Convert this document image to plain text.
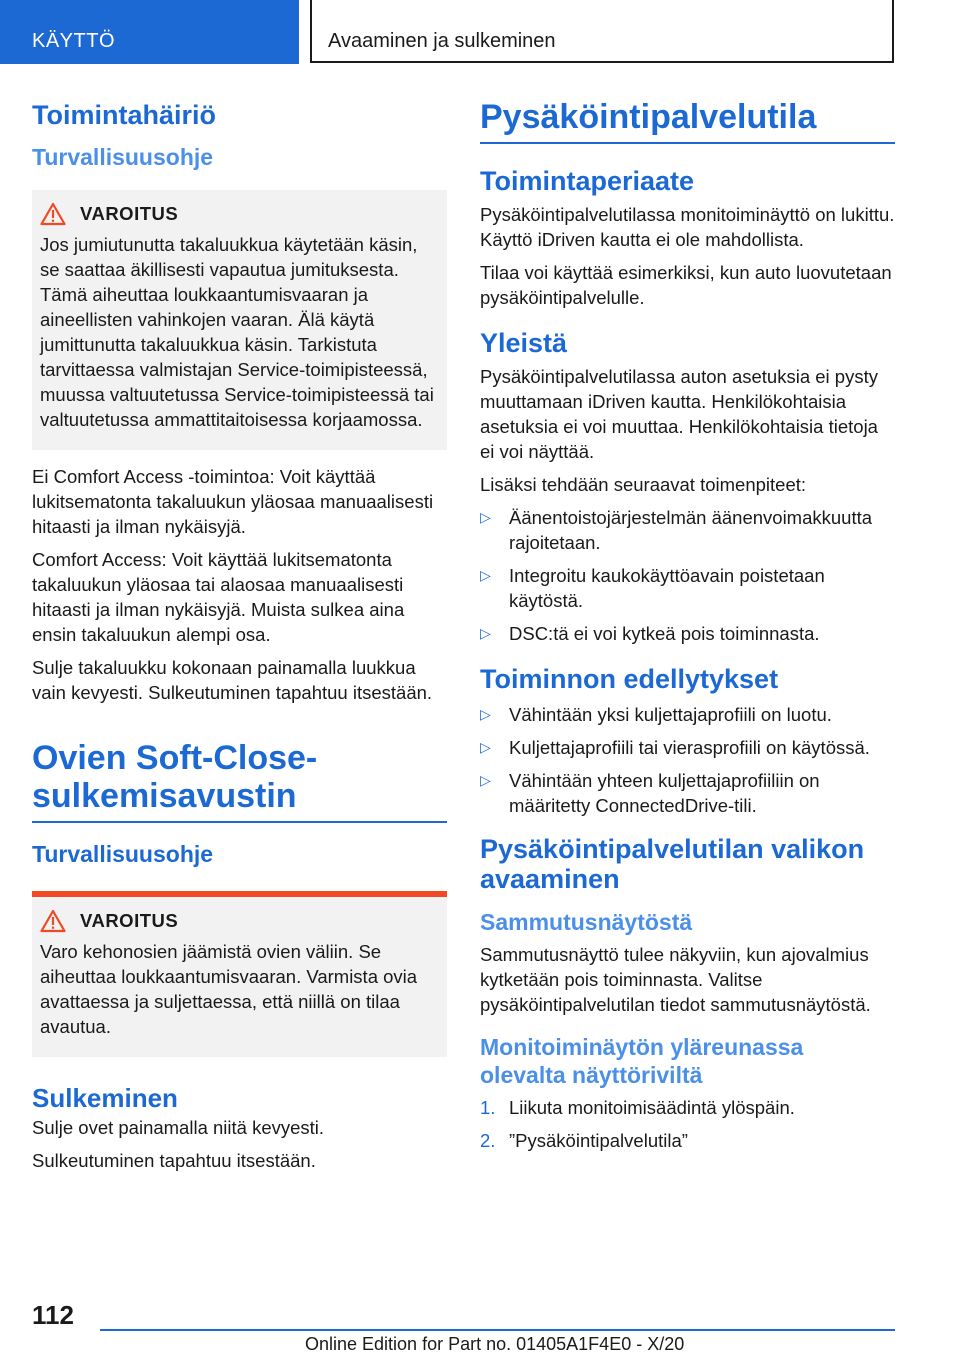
KÄYTTÖ	Avaaminen ja sulkeminen
Toimintahäiriö
Turvallisuusohje
VAROITUS

Jos jumiutunutta takaluukkua käytetään käsin, se saattaa äkillisesti vapautua jumituksesta. Tämä aiheuttaa loukkaantumisvaaran ja aineellisten vahinkojen vaaran. Älä käytä jumittunutta takaluukkua käsin. Tarkistuta tarvittaessa valmistajan Service-toimipisteessä, muussa valtuutetussa Service-toimipisteessä tai valtuutetussa ammattitaitoisessa korjaamossa.

Ei Comfort Access -toimintoa: Voit käyttää lukitsematonta takaluukun yläosaa manuaalisesti hitaasti ja ilman nykäisyjä.

Comfort Access: Voit käyttää lukitsematonta takaluukun yläosaa tai alaosaa manuaalisesti hitaasti ja ilman nykäisyjä. Muista sulkea aina ensin takaluukun alempi osa.

Sulje takaluukku kokonaan painamalla luukkua vain kevyesti. Sulkeutuminen tapahtuu itsestään.

Ovien Soft-Close-sulkemisavustin
Turvallisuusohje
VAROITUS

Varo kehonosien jäämistä ovien väliin. Se aiheuttaa loukkaantumisvaaran. Varmista ovia avattaessa ja suljettaessa, että niillä on tilaa avautua.

Sulkeminen

Sulje ovet painamalla niitä kevyesti.

Sulkeutuminen tapahtuu itsestään.

Pysäköintipalvelutila
Toimintaperiaate

Pysäköintipalvelutilassa monitoiminäyttö on lukittu. Käyttö iDriven kautta ei ole mahdollista.

Tilaa voi käyttää esimerkiksi, kun auto luovutetaan pysäköintipalvelulle.

Yleistä

Pysäköintipalvelutilassa auton asetuksia ei pysty muuttamaan iDriven kautta. Henkilökohtaisia asetuksia ei voi muuttaa. Henkilökohtaisia tietoja ei voi näyttää.

Lisäksi tehdään seuraavat toimenpiteet:

▷ Äänentoistojärjestelmän äänenvoimakkuutta rajoitetaan.
▷ Integroitu kaukokäyttöavain poistetaan käytöstä.
▷ DSC:tä ei voi kytkeä pois toiminnasta.
Toiminnon edellytykset
▷ Vähintään yksi kuljettajaprofiili on luotu.
▷ Kuljettajaprofiili tai vierasprofiili on käytössä.
▷ Vähintään yhteen kuljettajaprofiiliin on määritetty ConnectedDrive-tili.
Pysäköintipalvelutilan valikon avaaminen
Sammutusnäytöstä

Sammutusnäyttö tulee näkyviin, kun ajovalmius kytketään pois toiminnasta. Valitse pysäköintipalvelutilan tiedot sammutusnäytöstä.

Monitoiminäytön yläreunassa olevalta näyttöriviltä
1. Liikuta monitoimisäädintä ylöspäin.
2. ”Pysäköintipalvelutila”
112
Online Edition for Part no. 01405A1F4E0 - X/20
